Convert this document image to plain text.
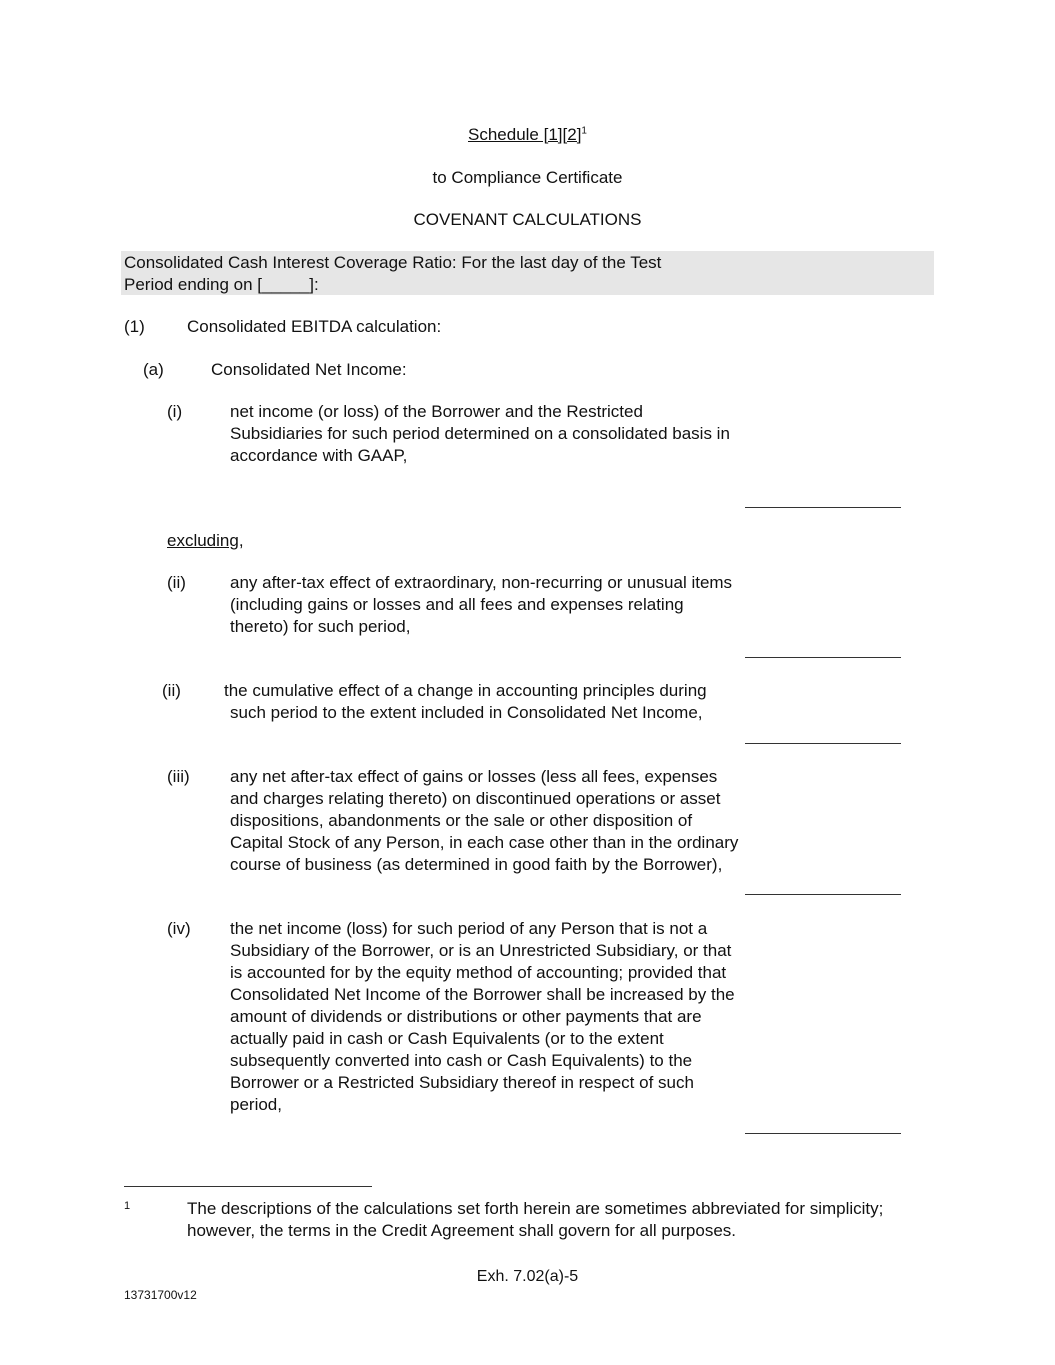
Schedule $[1][2]^1$
to Compliance Certificate
COVENANT CALCULATIONS
Consolidated Cash Interest Coverage Ratio: For the last day of the Test
Period ending on [_____]:
(1) Consolidated EBITDA calculation:
(a)	Consolidated Net Income:
(i)	net income (or loss) of the Borrower and the Restricted
Subsidiaries for such period determined on a consolidated basis in
accordance with GAAP,
excluding,
(ii)	any after-tax effect of extraordinary, non-recurring or unusual items
(including gains or losses and all fees and expenses relating
thereto) for such period,
(ii)	the cumulative effect of a change in accounting principles during
such period to the extent included in Consolidated Net Income,
(iii) any net after-tax effect of gains or losses (less all fees, expenses
and charges relating thereto) on discontinued operations or asset
dispositions, abandonments or the sale or other disposition of
Capital Stock of any Person, in each case other than in the ordinary
course of business (as determined in good faith by the Borrower),
(iv) the net income (loss) for such period of any Person that is not a
Subsidiary of the Borrower, or is an Unrestricted Subsidiary, or that
is accounted for by the equity method of accounting; provided that
Consolidated Net Income of the Borrower shall be increased by the
amount of dividends or distributions or other payments that are
actually paid in cash or Cash Equivalents (or to the extent
subsequently converted into cash or Cash Equivalents) to the
Borrower or a Restricted Subsidiary thereof in respect of such
period,
1	The descriptions of the calculations set forth herein are sometimes abbreviated for simplicity;
however, the terms in the Credit Agreement shall govern for all purposes.
Exh. 7.02(a)-5
13731700v12
